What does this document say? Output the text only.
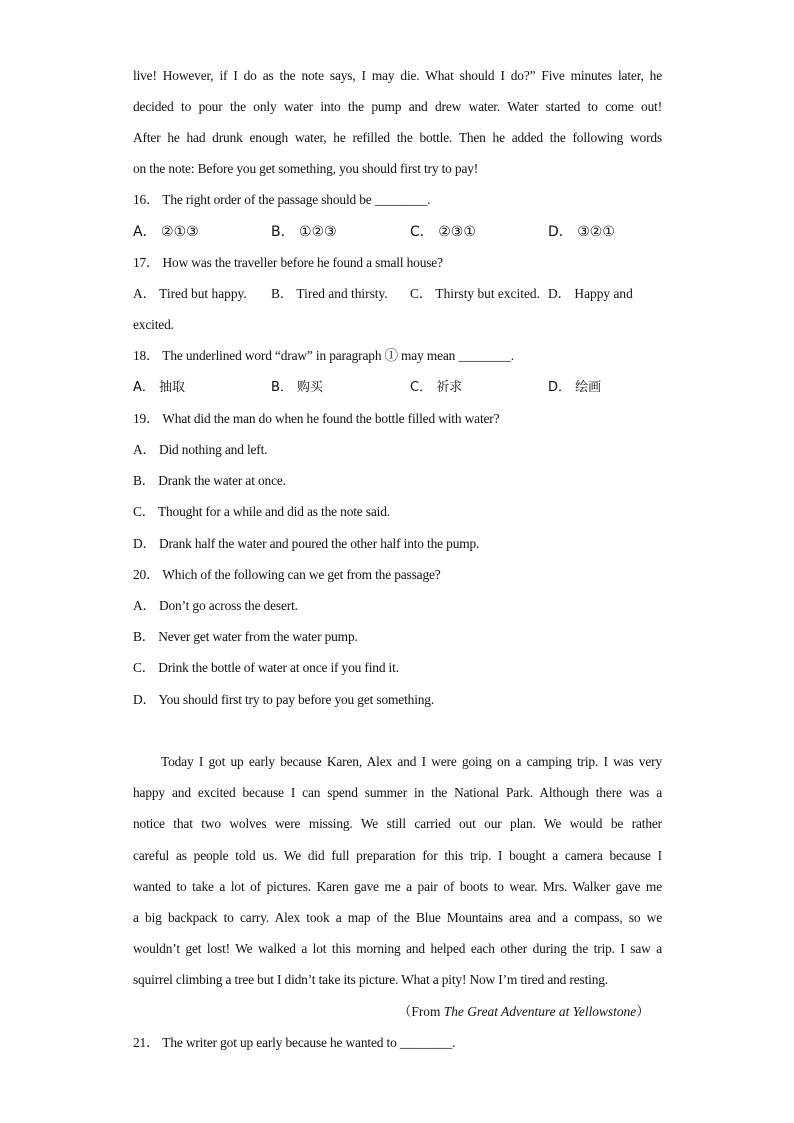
live! However, if I do as the note says, I may die. What should I do?” Five minutes later, he
decided to pour the only water into the pump and drew water. Water started to come out!
After he had drunk enough water, he refilled the bottle. Then he added the following words
on the note: Before you get something, you should first try to pay!
16． The right order of the passage should be ________.
A． ②①③	B． ①②③	C． ②③①	D． ③②①
17． How was the traveller before he found a small house?
A． Tired but happy. B． Tired and thirsty. C． Thirsty but excited. D． Happy and
excited.
18． The underlined word “draw” in paragraph ① may mean ________.
A． 抽取	B． 购买	C． 祈求	D． 绘画
19． What did the man do when he found the bottle filled with water?
A． Did nothing and left.
B． Drank the water at once.
C． Thought for a while and did as the note said.
D． Drank half the water and poured the other half into the pump.
20． Which of the following can we get from the passage?
A． Don’t go across the desert.
B． Never get water from the water pump.
C． Drink the bottle of water at once if you find it.
D． You should first try to pay before you get something.
Today I got up early because Karen, Alex and I were going on a camping trip. I was very
happy and excited because I can spend summer in the National Park. Although there was a
notice that two wolves were missing. We still carried out our plan. We would be rather
careful as people told us. We did full preparation for this trip. I bought a camera because I
wanted to take a lot of pictures. Karen gave me a pair of boots to wear. Mrs. Walker gave me
a big backpack to carry. Alex took a map of the Blue Mountains area and a compass, so we
wouldn’t get lost! We walked a lot this morning and helped each other during the trip. I saw a
squirrel climbing a tree but I didn’t take its picture. What a pity! Now I’m tired and resting.
（From The Great Adventure at Yellowstone）
21． The writer got up early because he wanted to ________.
